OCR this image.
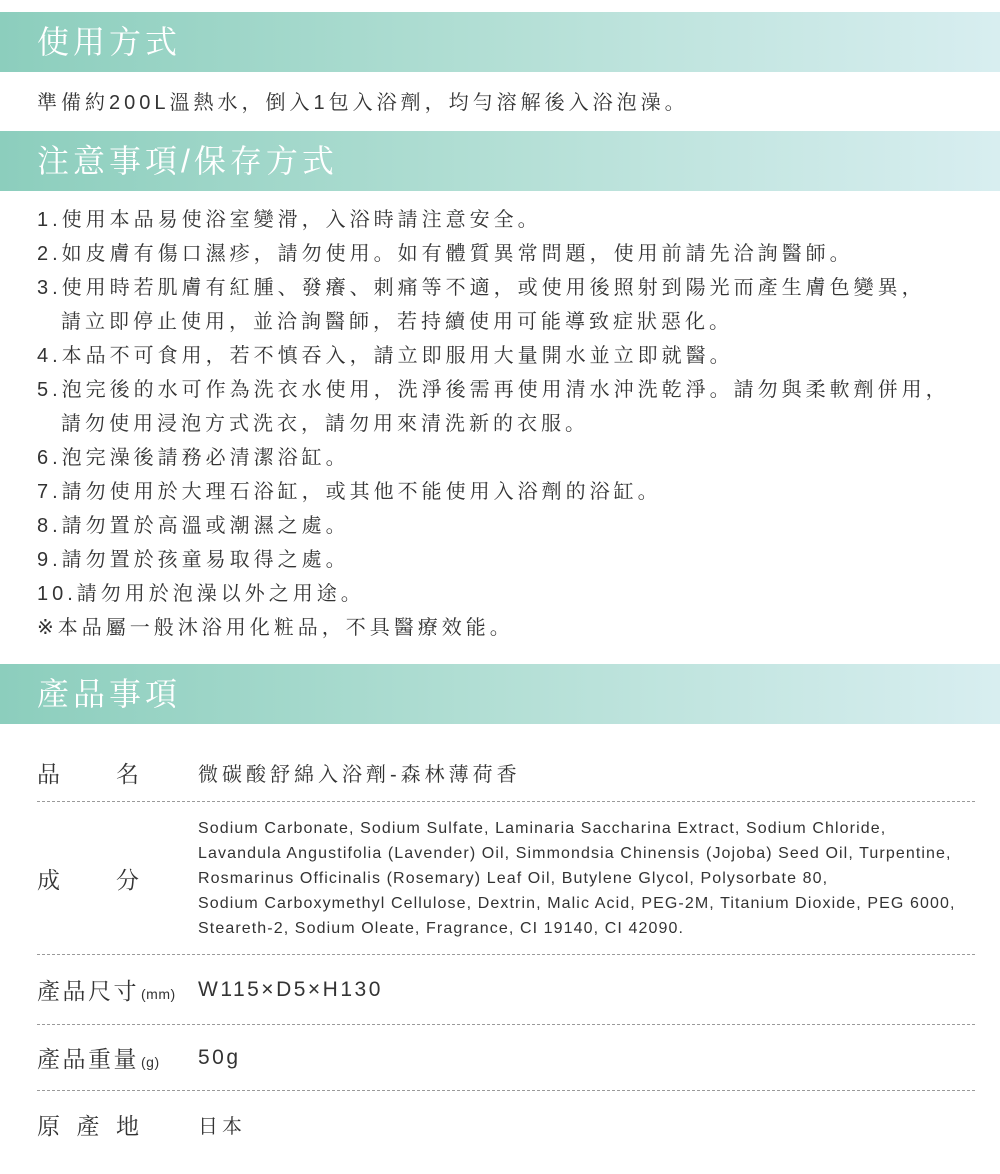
使用方式
準備約200L溫熱水，倒入1包入浴劑，均勻溶解後入浴泡澡。
注意事項/保存方式
1.使用本品易使浴室變滑，入浴時請注意安全。
2.如皮膚有傷口濕疹，請勿使用。如有體質異常問題，使用前請先洽詢醫師。
3.使用時若肌膚有紅腫、發癢、刺痛等不適，或使用後照射到陽光而產生膚色變異，
請立即停止使用，並洽詢醫師，若持續使用可能導致症狀惡化。
4.本品不可食用，若不慎吞入，請立即服用大量開水並立即就醫。
5.泡完後的水可作為洗衣水使用，洗淨後需再使用清水沖洗乾淨。請勿與柔軟劑併用，
請勿使用浸泡方式洗衣，請勿用來清洗新的衣服。
6.泡完澡後請務必清潔浴缸。
7.請勿使用於大理石浴缸，或其他不能使用入浴劑的浴缸。
8.請勿置於高溫或潮濕之處。
9.請勿置於孩童易取得之處。
10.請勿用於泡澡以外之用途。
※本品屬一般沐浴用化粧品，不具醫療效能。
產品事項
品 名	微碳酸舒綿入浴劑-森林薄荷香
成 分
Sodium Carbonate, Sodium Sulfate, Laminaria Saccharina Extract, Sodium Chloride,
Lavandula Angustifolia (Lavender) Oil, Simmondsia Chinensis (Jojoba) Seed Oil, Turpentine,
Rosmarinus Officinalis (Rosemary) Leaf Oil, Butylene Glycol, Polysorbate 80,
Sodium Carboxymethyl Cellulose, Dextrin, Malic Acid, PEG-2M, Titanium Dioxide, PEG 6000,
Steareth-2, Sodium Oleate, Fragrance, CI 19140, CI 42090.
產品尺寸 (mm) W115×D5×H130
產品重量 (g) 50g
原 產 地	日本
